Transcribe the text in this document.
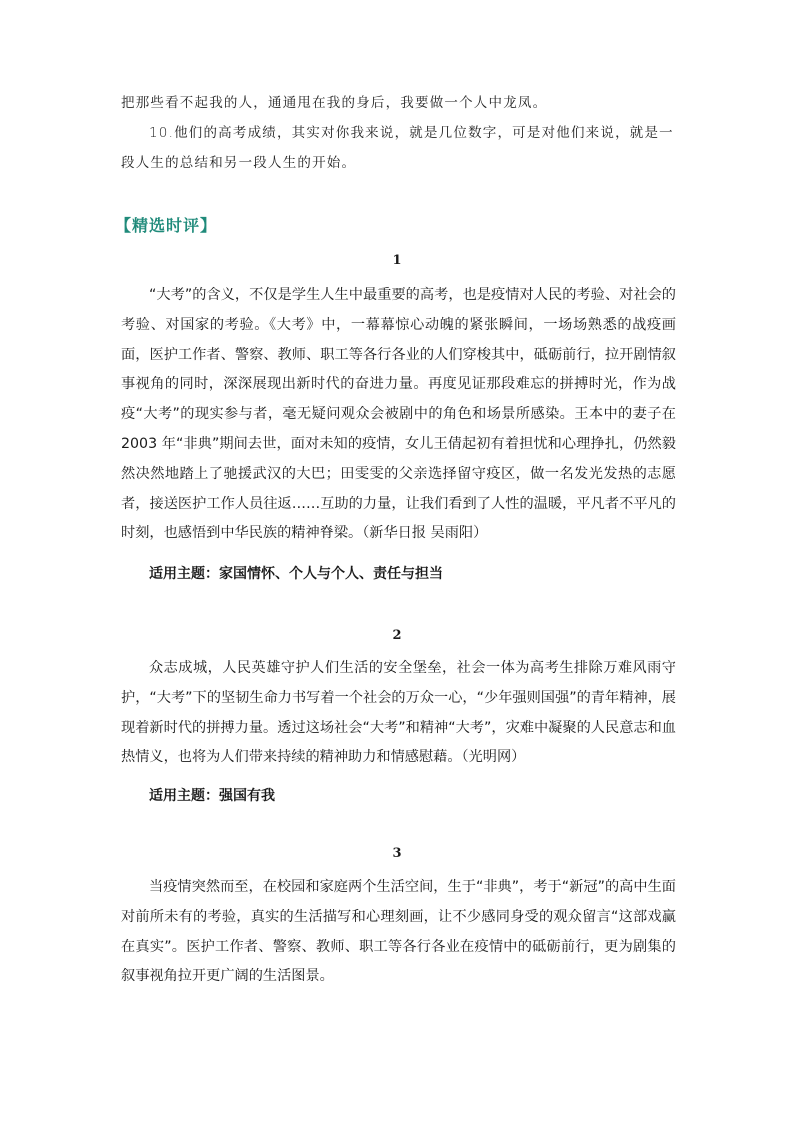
把那些看不起我的人，通通甩在我的身后，我要做一个人中龙凤。
10.他们的高考成绩，其实对你我来说，就是几位数字，可是对他们来说，就是一段人生的总结和另一段人生的开始。
【精选时评】
1

“大考”的含义，不仅是学生人生中最重要的高考，也是疫情对人民的考验、对社会的考验、对国家的考验。《大考》中，一幕幕惊心动魄的紧张瞬间，一场场熟悉的战疫画面，医护工作者、警察、教师、职工等各行各业的人们穿梭其中，砥砺前行，拉开剧情叙事视角的同时，深深展现出新时代的奋进力量。再度见证那段难忘的拼搏时光，作为战疫“大考”的现实参与者，毫无疑问观众会被剧中的角色和场景所感染。王本中的妻子在 2003 年“非典”期间去世，面对未知的疫情，女儿王倩起初有着担忧和心理挣扎，仍然毅然决然地踏上了驰援武汉的大巴；田雯雯的父亲选择留守疫区，做一名发光发热的志愿者，接送医护工作人员往返……互助的力量，让我们看到了人性的温暖，平凡者不平凡的时刻，也感悟到中华民族的精神脊梁。（新华日报 吴雨阳）

适用主题：家国情怀、个人与个人、责任与担当
2

众志成城，人民英雄守护人们生活的安全堡垒，社会一体为高考生排除万难风雨守护，“大考”下的坚韧生命力书写着一个社会的万众一心，“少年强则国强”的青年精神，展现着新时代的拼搏力量。透过这场社会“大考”和精神“大考”，灾难中凝聚的人民意志和血热情义，也将为人们带来持续的精神助力和情感慰藉。（光明网）

适用主题：强国有我
3

当疫情突然而至，在校园和家庭两个生活空间，生于“非典”，考于“新冠”的高中生面对前所未有的考验，真实的生活描写和心理刻画，让不少感同身受的观众留言“这部戏赢在真实”。医护工作者、警察、教师、职工等各行各业在疫情中的砥砺前行，更为剧集的叙事视角拉开更广阔的生活图景。
